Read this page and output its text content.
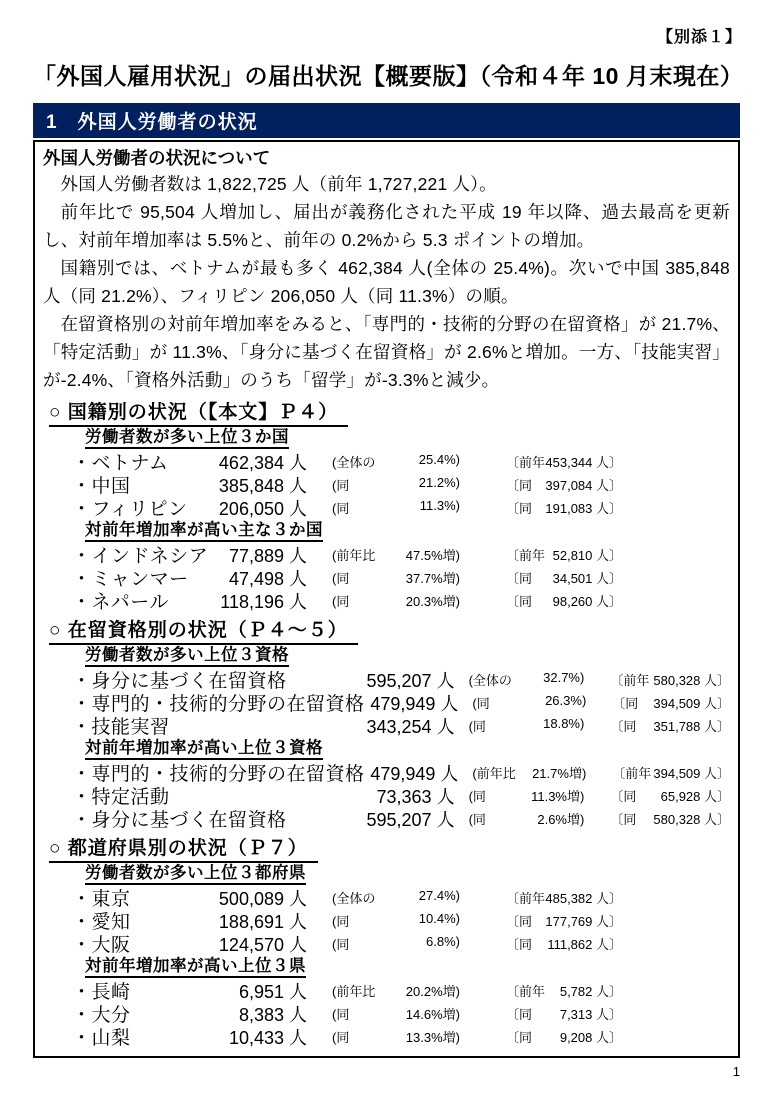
【別添１】
「外国人雇用状況」の届出状況【概要版】（令和４年 10 月末現在）
1　外国人労働者の状況
外国人労働者の状況について

外国人労働者数は 1,822,725 人（前年 1,727,221 人）。

前年比で 95,504 人増加し、届出が義務化された平成 19 年以降、過去最高を更新し、対前年増加率は 5.5%と、前年の 0.2%から 5.3 ポイントの増加。

国籍別では、ベトナムが最も多く 462,384 人(全体の 25.4%)。次いで中国 385,848 人（同 21.2%）、フィリピン 206,050 人（同 11.3%）の順。

在留資格別の対前年増加率をみると、「専門的・技術的分野の在留資格」が 21.7%、「特定活動」が 11.3%、「身分に基づく在留資格」が 2.6%と増加。一方、「技能実習」が-2.4%、「資格外活動」のうち「留学」が-3.3%と減少。

○ 国籍別の状況（【本文】Ｐ４）
労働者数が多い上位３か国
・ベトナム	462,384 人 (全体の	25.4%)	〔前年 453,344 人〕
・中国	385,848 人 (同	21.2%)	〔同 397,084 人〕
・フィリピン	206,050 人 (同	11.3%)	〔同 191,083 人〕
対前年増加率が高い主な３か国
・インドネシア	77,889 人 (前年比 47.5%増)	〔前年 52,810 人〕
・ミャンマー	47,498 人 (同	37.7%増)	〔同 34,501 人〕
・ネパール	118,196 人 (同	20.3%増)	〔同 98,260 人〕
○ 在留資格別の状況（Ｐ４～５）
労働者数が多い上位３資格
・身分に基づく在留資格	595,207 人 (全体の 32.7%) 〔前年 580,328 人〕
・専門的・技術的分野の在留資格 479,949 人 (同	26.3%) 〔同 394,509 人〕
・技能実習	343,254 人 (同	18.8%) 〔同 351,788 人〕
対前年増加率が高い上位３資格
・専門的・技術的分野の在留資格 479,949 人 (前年比 21.7%増) 〔前年 394,509 人〕
・特定活動	73,363 人 (同	11.3%増) 〔同 65,928 人〕
・身分に基づく在留資格	595,207 人 (同	2.6%増) 〔同 580,328 人〕
○ 都道府県別の状況（Ｐ７）
労働者数が多い上位３都府県
・東京	500,089 人 (全体の	27.4%)	〔前年 485,382 人〕
・愛知	188,691 人 (同	10.4%)	〔同 177,769 人〕
・大阪	124,570 人 (同	6.8%)	〔同 111,862 人〕
対前年増加率が高い上位３県
・長崎	6,951 人 (前年比 20.2%増)	〔前年 5,782 人〕
・大分	8,383 人 (同	14.6%増)	〔同 7,313 人〕
・山梨	10,433 人 (同	13.3%増)	〔同 9,208 人〕
1
